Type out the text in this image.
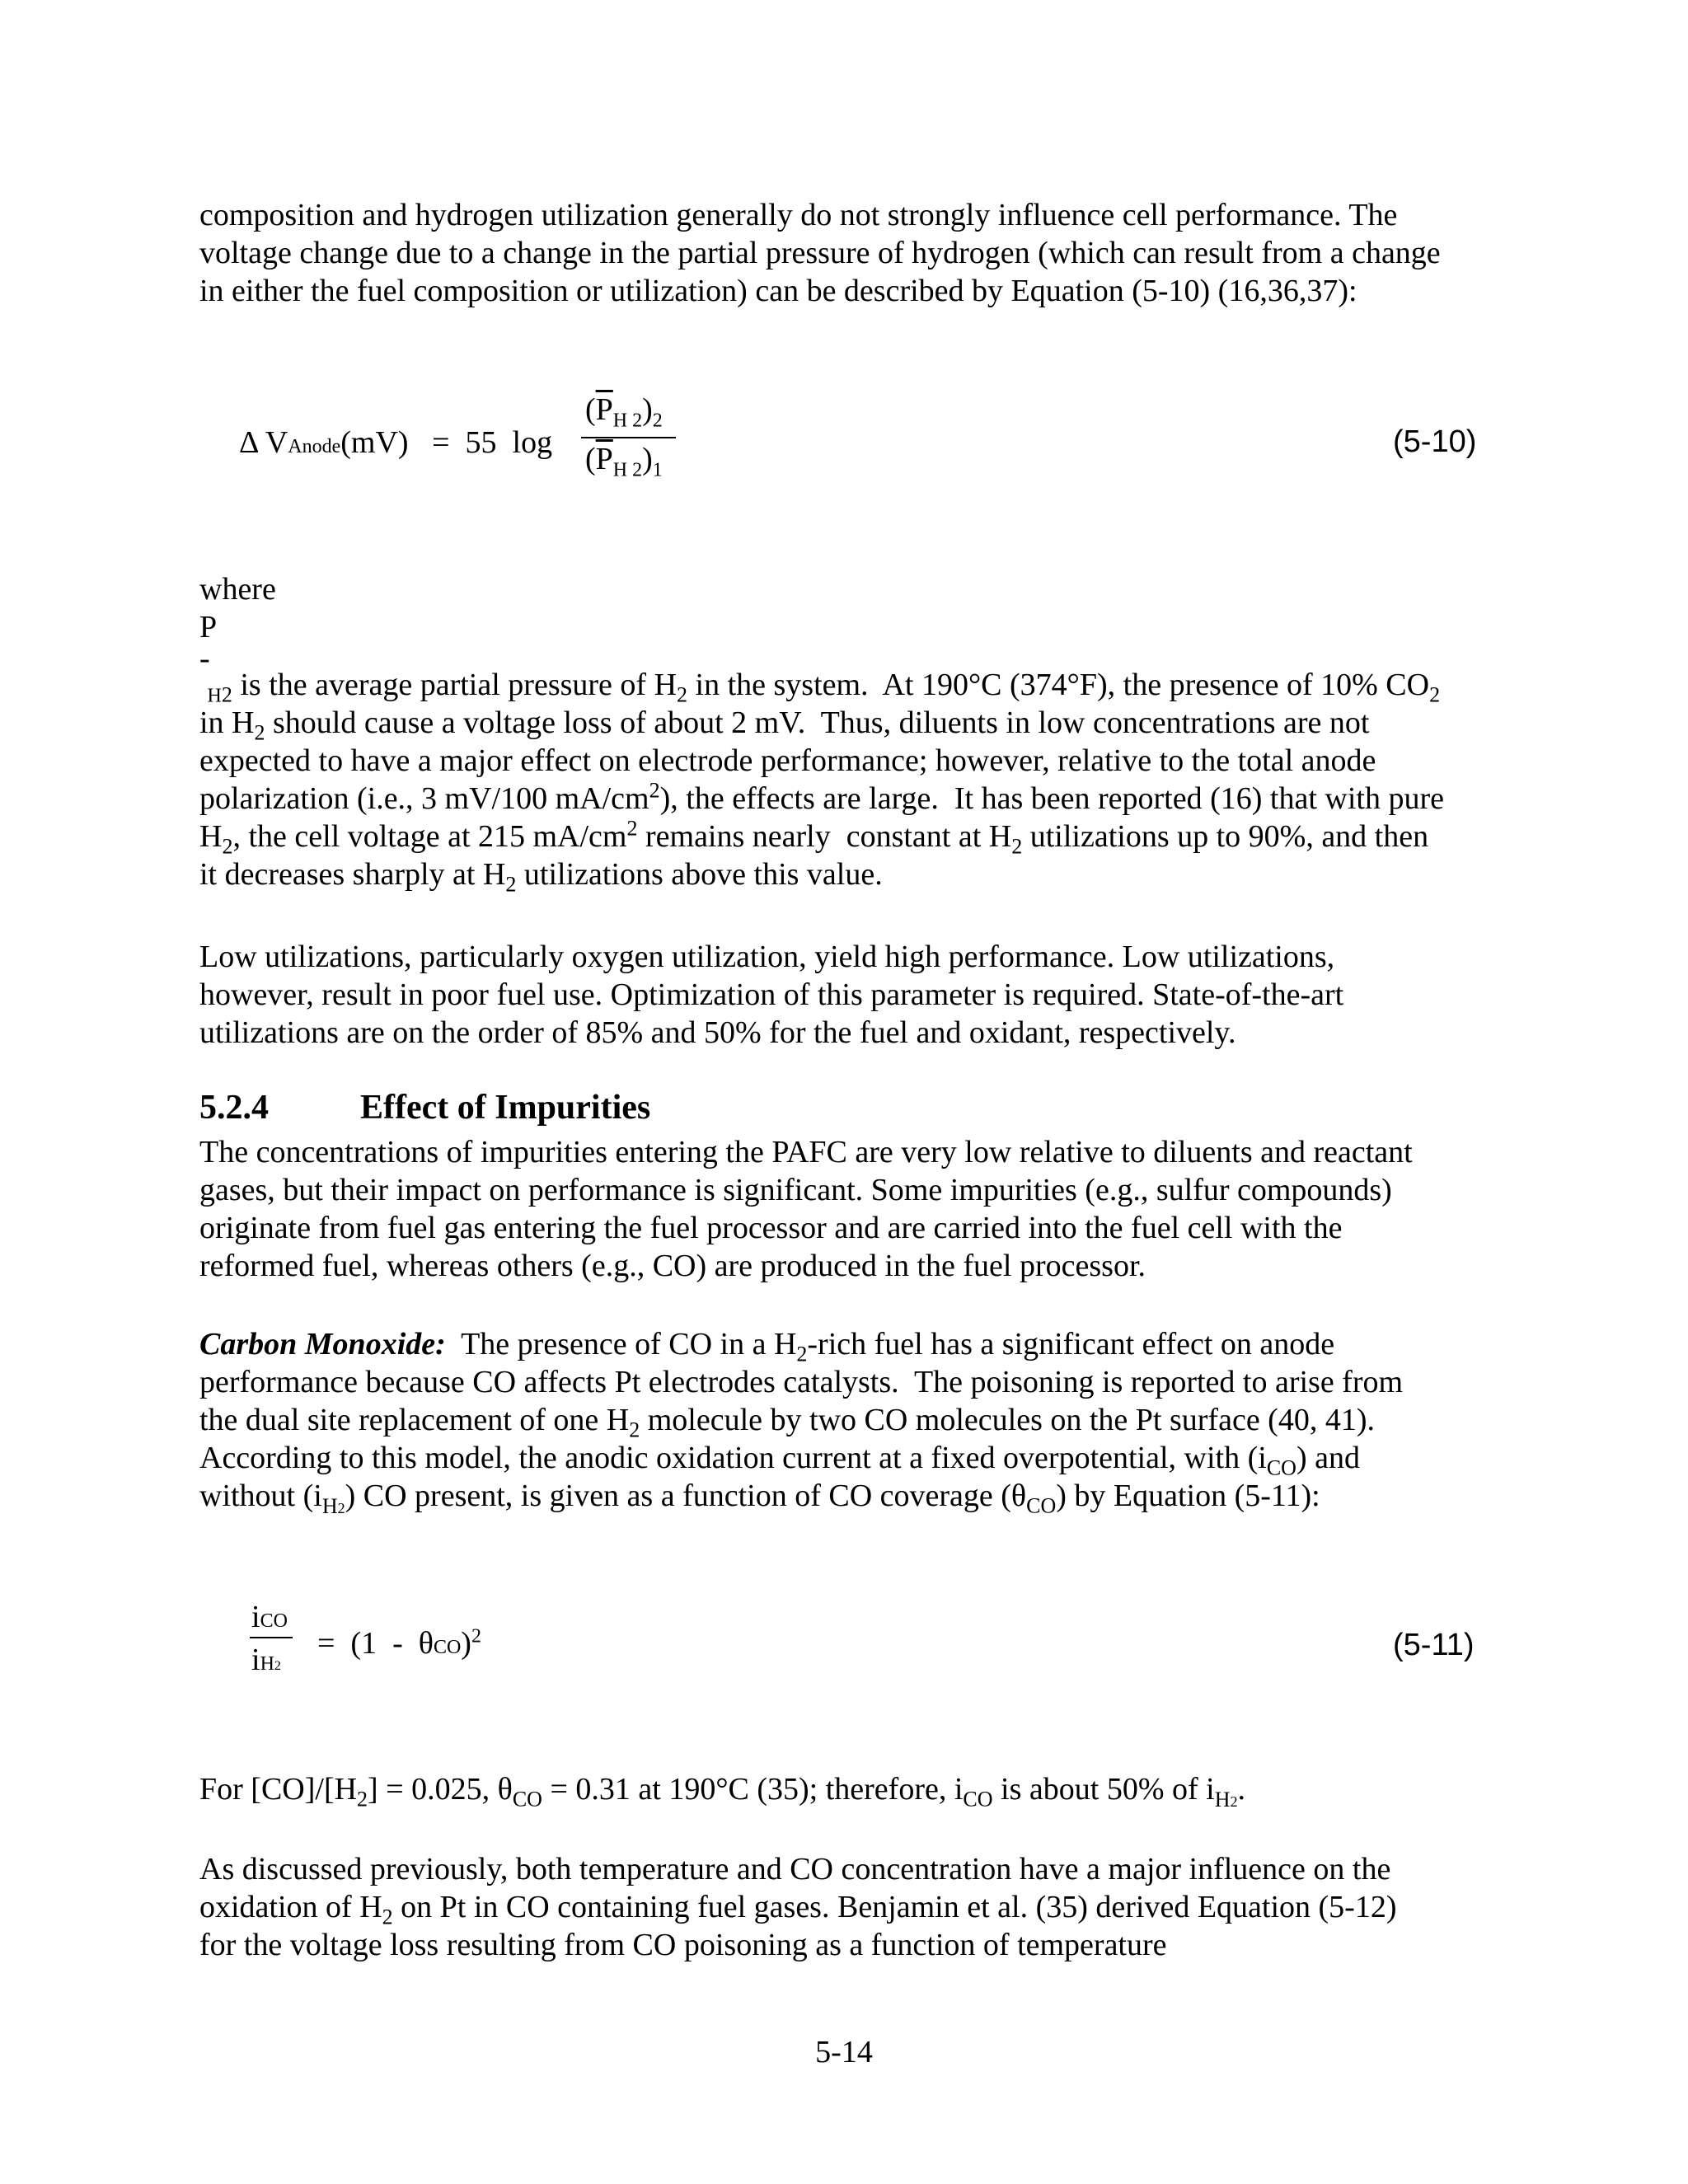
composition and hydrogen utilization generally do not strongly influence cell performance. The

voltage change due to a change in the partial pressure of hydrogen (which can result from a change

in either the fuel composition or utilization) can be described by Equation (5-10) (16,36,37):

Δ VAnode(mV)   =  55  log
$(\overline{P}_{H 2})_2$
$(\overline{P}_{H 2})_1$
(5-10)

where

P

-

$_{H2}$ is the average partial pressure of $H_2$ in the system.  At 190°C (374°F), the presence of 10% $CO_2$

in $H_2$ should cause a voltage loss of about 2 mV.  Thus, diluents in low concentrations are not

expected to have a major effect on electrode performance; however, relative to the total anode

polarization (i.e., 3 mV/100 $mA/cm^2$), the effects are large.  It has been reported (16) that with pure

$H_2$, the cell voltage at 215 $mA/cm^2$ remains nearly  constant at $H_2$ utilizations up to 90%, and then

it decreases sharply at $H_2$ utilizations above this value.

Low utilizations, particularly oxygen utilization, yield high performance. Low utilizations,

however, result in poor fuel use. Optimization of this parameter is required. State-of-the-art

utilizations are on the order of 85% and 50% for the fuel and oxidant, respectively.

5.2.4	Effect of Impurities

The concentrations of impurities entering the PAFC are very low relative to diluents and reactant

gases, but their impact on performance is significant. Some impurities (e.g., sulfur compounds)

originate from fuel gas entering the fuel processor and are carried into the fuel cell with the

reformed fuel, whereas others (e.g., CO) are produced in the fuel processor.

Carbon Monoxide:  The presence of CO in a $H_2$-rich fuel has a significant effect on anode

performance because CO affects Pt electrodes catalysts.  The poisoning is reported to arise from

the dual site replacement of one $H_2$ molecule by two CO molecules on the Pt surface (40, 41).

According to this model, the anodic oxidation current at a fixed overpotential, with $(i_{CO})$ and

without $(i_{H2})$ CO present, is given as a function of CO coverage $(\theta_{CO})$ by Equation (5-11):

iCO
iH2
=  (1  -  θCO)$^2$	(5-11)

For $[CO]/[H_2] = 0.025$, $\theta_{CO} = 0.31$ at 190°C (35); therefore, $i_{CO}$ is about 50% of $i_{H2}$.

As discussed previously, both temperature and CO concentration have a major influence on the

oxidation of $H_2$ on Pt in CO containing fuel gases. Benjamin et al. (35) derived Equation (5-12)

for the voltage loss resulting from CO poisoning as a function of temperature

5-14
